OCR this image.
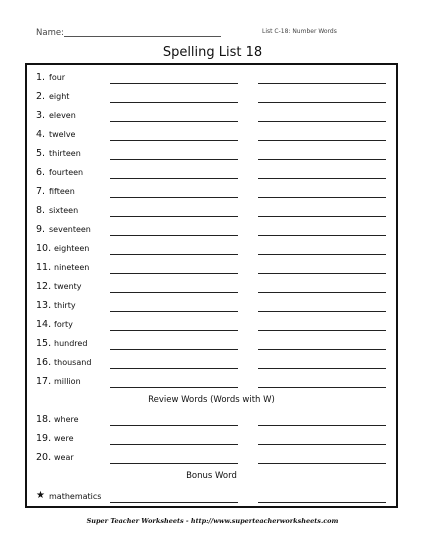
Name:	List C-18: Number Words
Spelling List 18
1. four
2. eight
3. eleven
4. twelve
5. thirteen
6. fourteen
7. fifteen
8. sixteen
9. seventeen
10. eighteen
11. nineteen
12. twenty
13. thirty
14. forty
15. hundred
16. thousand
17. million
Review Words (Words with W)
18. where
19. were
20. wear
Bonus Word
★ mathematics
Super Teacher Worksheets - http://www.superteacherworksheets.com
